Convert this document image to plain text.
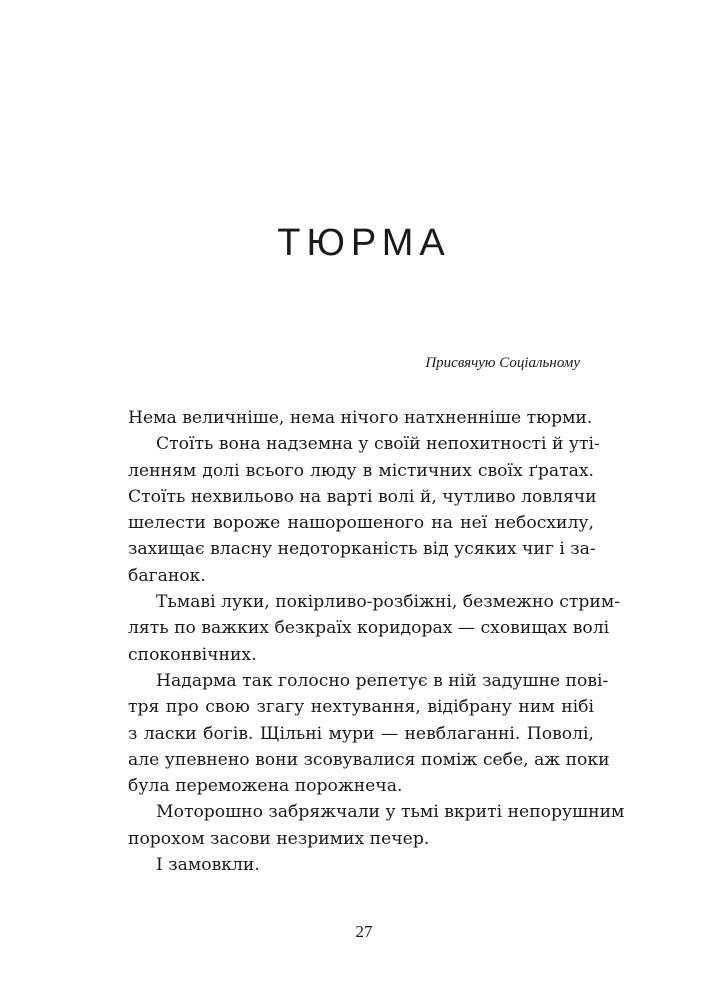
ТЮРМА

Присвячую Соціальному

Нема величніше, нема нічого натхненніше тюрми.
Стоїть вона надземна у своїй непохитності й уті-
ленням долі всього люду в містичних своїх ґратах.
Стоїть нехвильово на варті волі й, чутливо ловлячи
шелести вороже нашорошеного на неї небосхилу,
захищає власну недоторканість від усяких чиг і за-
баганок.
Тьмаві луки, покірливо-розбіжні, безмежно стрим-
лять по важких безкраїх коридорах — сховищах волі
споконвічних.
Надарма так голосно репетує в ній задушне пові-
тря про свою згагу нехтування, відібрану ним нібі
з ласки богів. Щільні мури — невблаганні. Поволі,
але упевнено вони зсовувалися поміж себе, аж поки
була переможена порожнеча.
Моторошно забряжчали у тьмі вкриті непорушним
порохом засови незримих печер.
І замовкли.

27
